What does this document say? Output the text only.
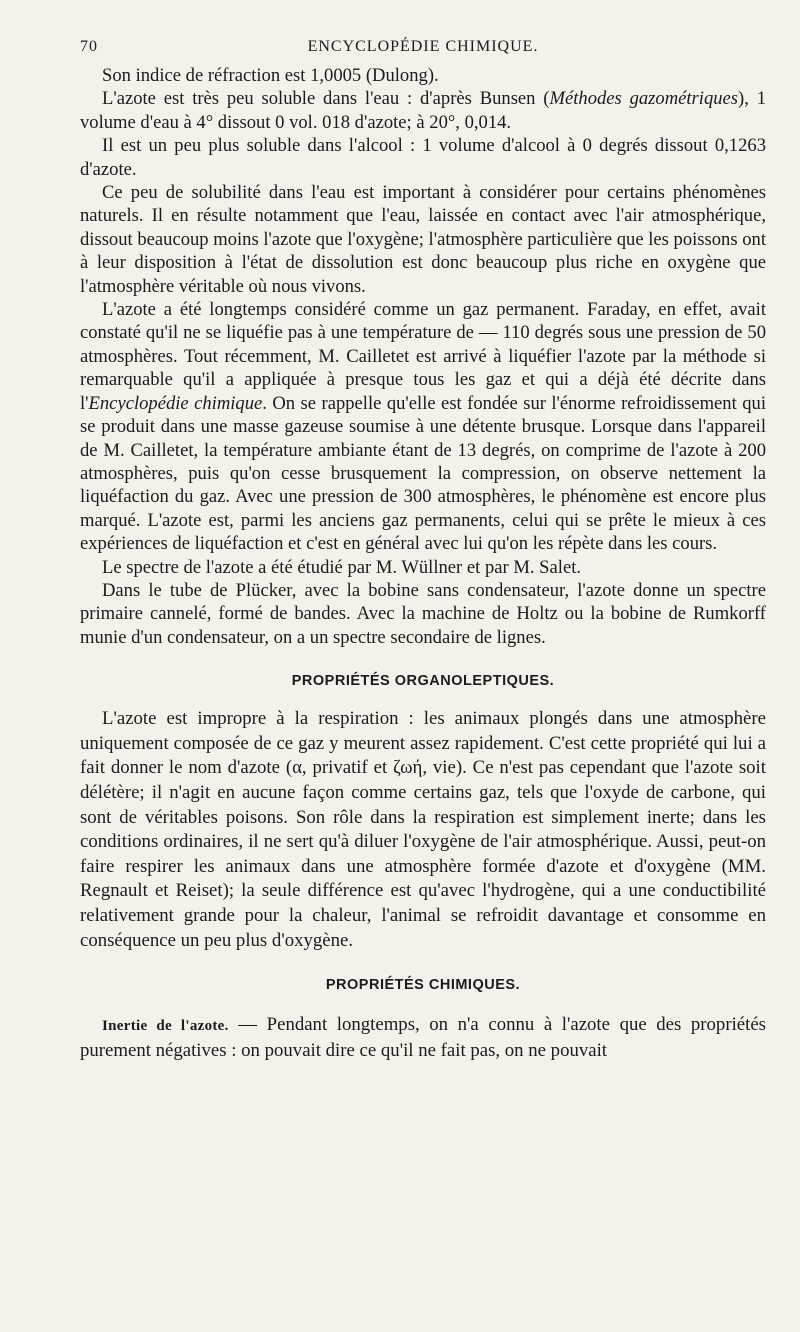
70	ENCYCLOPÉDIE CHIMIQUE.

Son indice de réfraction est 1,0005 (Dulong).

L'azote est très peu soluble dans l'eau : d'après Bunsen (Méthodes gazométriques), 1 volume d'eau à 4° dissout 0 vol. 018 d'azote; à 20°, 0,014.

Il est un peu plus soluble dans l'alcool : 1 volume d'alcool à 0 degrés dissout 0,1263 d'azote.

Ce peu de solubilité dans l'eau est important à considérer pour certains phénomènes naturels. Il en résulte notamment que l'eau, laissée en contact avec l'air atmosphérique, dissout beaucoup moins l'azote que l'oxygène; l'atmosphère particulière que les poissons ont à leur disposition à l'état de dissolution est donc beaucoup plus riche en oxygène que l'atmosphère véritable où nous vivons.

L'azote a été longtemps considéré comme un gaz permanent. Faraday, en effet, avait constaté qu'il ne se liquéfie pas à une température de — 110 degrés sous une pression de 50 atmosphères. Tout récemment, M. Cailletet est arrivé à liquéfier l'azote par la méthode si remarquable qu'il a appliquée à presque tous les gaz et qui a déjà été décrite dans l'Encyclopédie chimique. On se rappelle qu'elle est fondée sur l'énorme refroidissement qui se produit dans une masse gazeuse soumise à une détente brusque. Lorsque dans l'appareil de M. Cailletet, la température ambiante étant de 13 degrés, on comprime de l'azote à 200 atmosphères, puis qu'on cesse brusquement la compression, on observe nettement la liquéfaction du gaz. Avec une pression de 300 atmosphères, le phénomène est encore plus marqué. L'azote est, parmi les anciens gaz permanents, celui qui se prête le mieux à ces expériences de liquéfaction et c'est en général avec lui qu'on les répète dans les cours.

Le spectre de l'azote a été étudié par M. Wüllner et par M. Salet.

Dans le tube de Plücker, avec la bobine sans condensateur, l'azote donne un spectre primaire cannelé, formé de bandes. Avec la machine de Holtz ou la bobine de Rumkorff munie d'un condensateur, on a un spectre secondaire de lignes.

PROPRIÉTÉS ORGANOLEPTIQUES.

L'azote est impropre à la respiration : les animaux plongés dans une atmosphère uniquement composée de ce gaz y meurent assez rapidement. C'est cette propriété qui lui a fait donner le nom d'azote (α, privatif et ζωή, vie). Ce n'est pas cependant que l'azote soit délétère; il n'agit en aucune façon comme certains gaz, tels que l'oxyde de carbone, qui sont de véritables poisons. Son rôle dans la respiration est simplement inerte; dans les conditions ordinaires, il ne sert qu'à diluer l'oxygène de l'air atmosphérique. Aussi, peut-on faire respirer les animaux dans une atmosphère formée d'azote et d'oxygène (MM. Regnault et Reiset); la seule différence est qu'avec l'hydrogène, qui a une conductibilité relativement grande pour la chaleur, l'animal se refroidit davantage et consomme en conséquence un peu plus d'oxygène.

PROPRIÉTÉS CHIMIQUES.

Inertie de l'azote. — Pendant longtemps, on n'a connu à l'azote que des propriétés purement négatives : on pouvait dire ce qu'il ne fait pas, on ne pouvait
